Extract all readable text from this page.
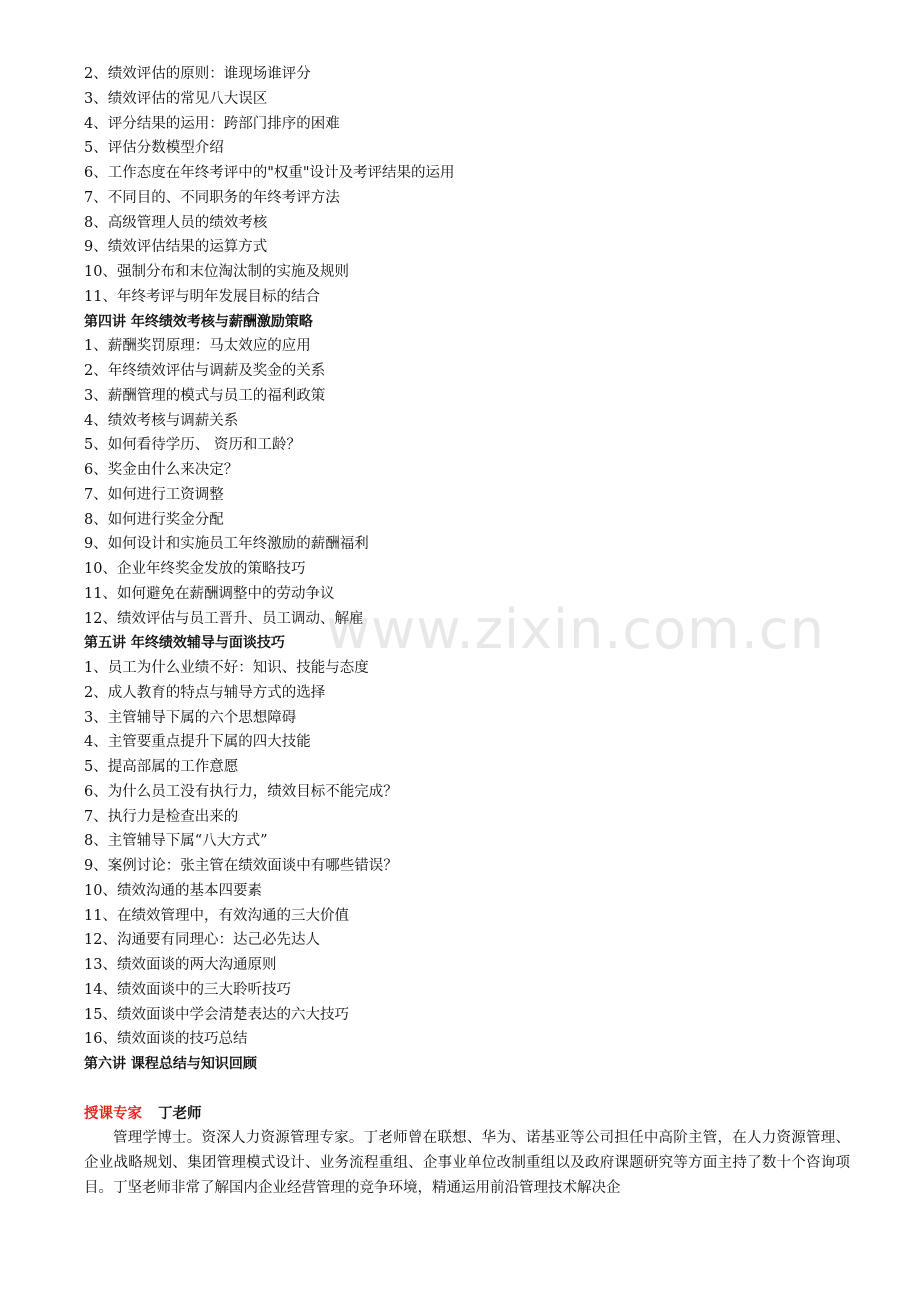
2、绩效评估的原则：谁现场谁评分
3、绩效评估的常见八大误区
4、评分结果的运用：跨部门排序的困难
5、评估分数模型介绍
6、工作态度在年终考评中的"权重"设计及考评结果的运用
7、不同目的、不同职务的年终考评方法
8、高级管理人员的绩效考核
9、绩效评估结果的运算方式
10、强制分布和末位淘汰制的实施及规则
11、年终考评与明年发展目标的结合
第四讲 年终绩效考核与薪酬激励策略
1、薪酬奖罚原理：马太效应的应用
2、年终绩效评估与调薪及奖金的关系
3、薪酬管理的模式与员工的福利政策
4、绩效考核与调薪关系
5、如何看待学历、 资历和工龄？
6、奖金由什么来决定？
7、如何进行工资调整
8、如何进行奖金分配
9、如何设计和实施员工年终激励的薪酬福利
10、企业年终奖金发放的策略技巧
11、如何避免在薪酬调整中的劳动争议
12、绩效评估与员工晋升、员工调动、解雇
第五讲 年终绩效辅导与面谈技巧
1、员工为什么业绩不好：知识、技能与态度
2、成人教育的特点与辅导方式的选择
3、主管辅导下属的六个思想障碍
4、主管要重点提升下属的四大技能
5、提高部属的工作意愿
6、为什么员工没有执行力，绩效目标不能完成？
7、执行力是检查出来的
8、主管辅导下属“八大方式”
9、案例讨论：张主管在绩效面谈中有哪些错误？
10、绩效沟通的基本四要素
11、在绩效管理中，有效沟通的三大价值
12、沟通要有同理心：达己必先达人
13、绩效面谈的两大沟通原则
14、绩效面谈中的三大聆听技巧
15、绩效面谈中学会清楚表达的六大技巧
16、绩效面谈的技巧总结
第六讲 课程总结与知识回顾
授课专家 丁老师
管理学博士。资深人力资源管理专家。丁老师曾在联想、华为、诺基亚等公司担任中高阶主管，在人力资源管理、企业战略规划、集团管理模式设计、业务流程重组、企事业单位改制重组以及政府课题研究等方面主持了数十个咨询项目。丁坚老师非常了解国内企业经营管理的竞争环境，精通运用前沿管理技术解决企
www.zixin.com.cn
